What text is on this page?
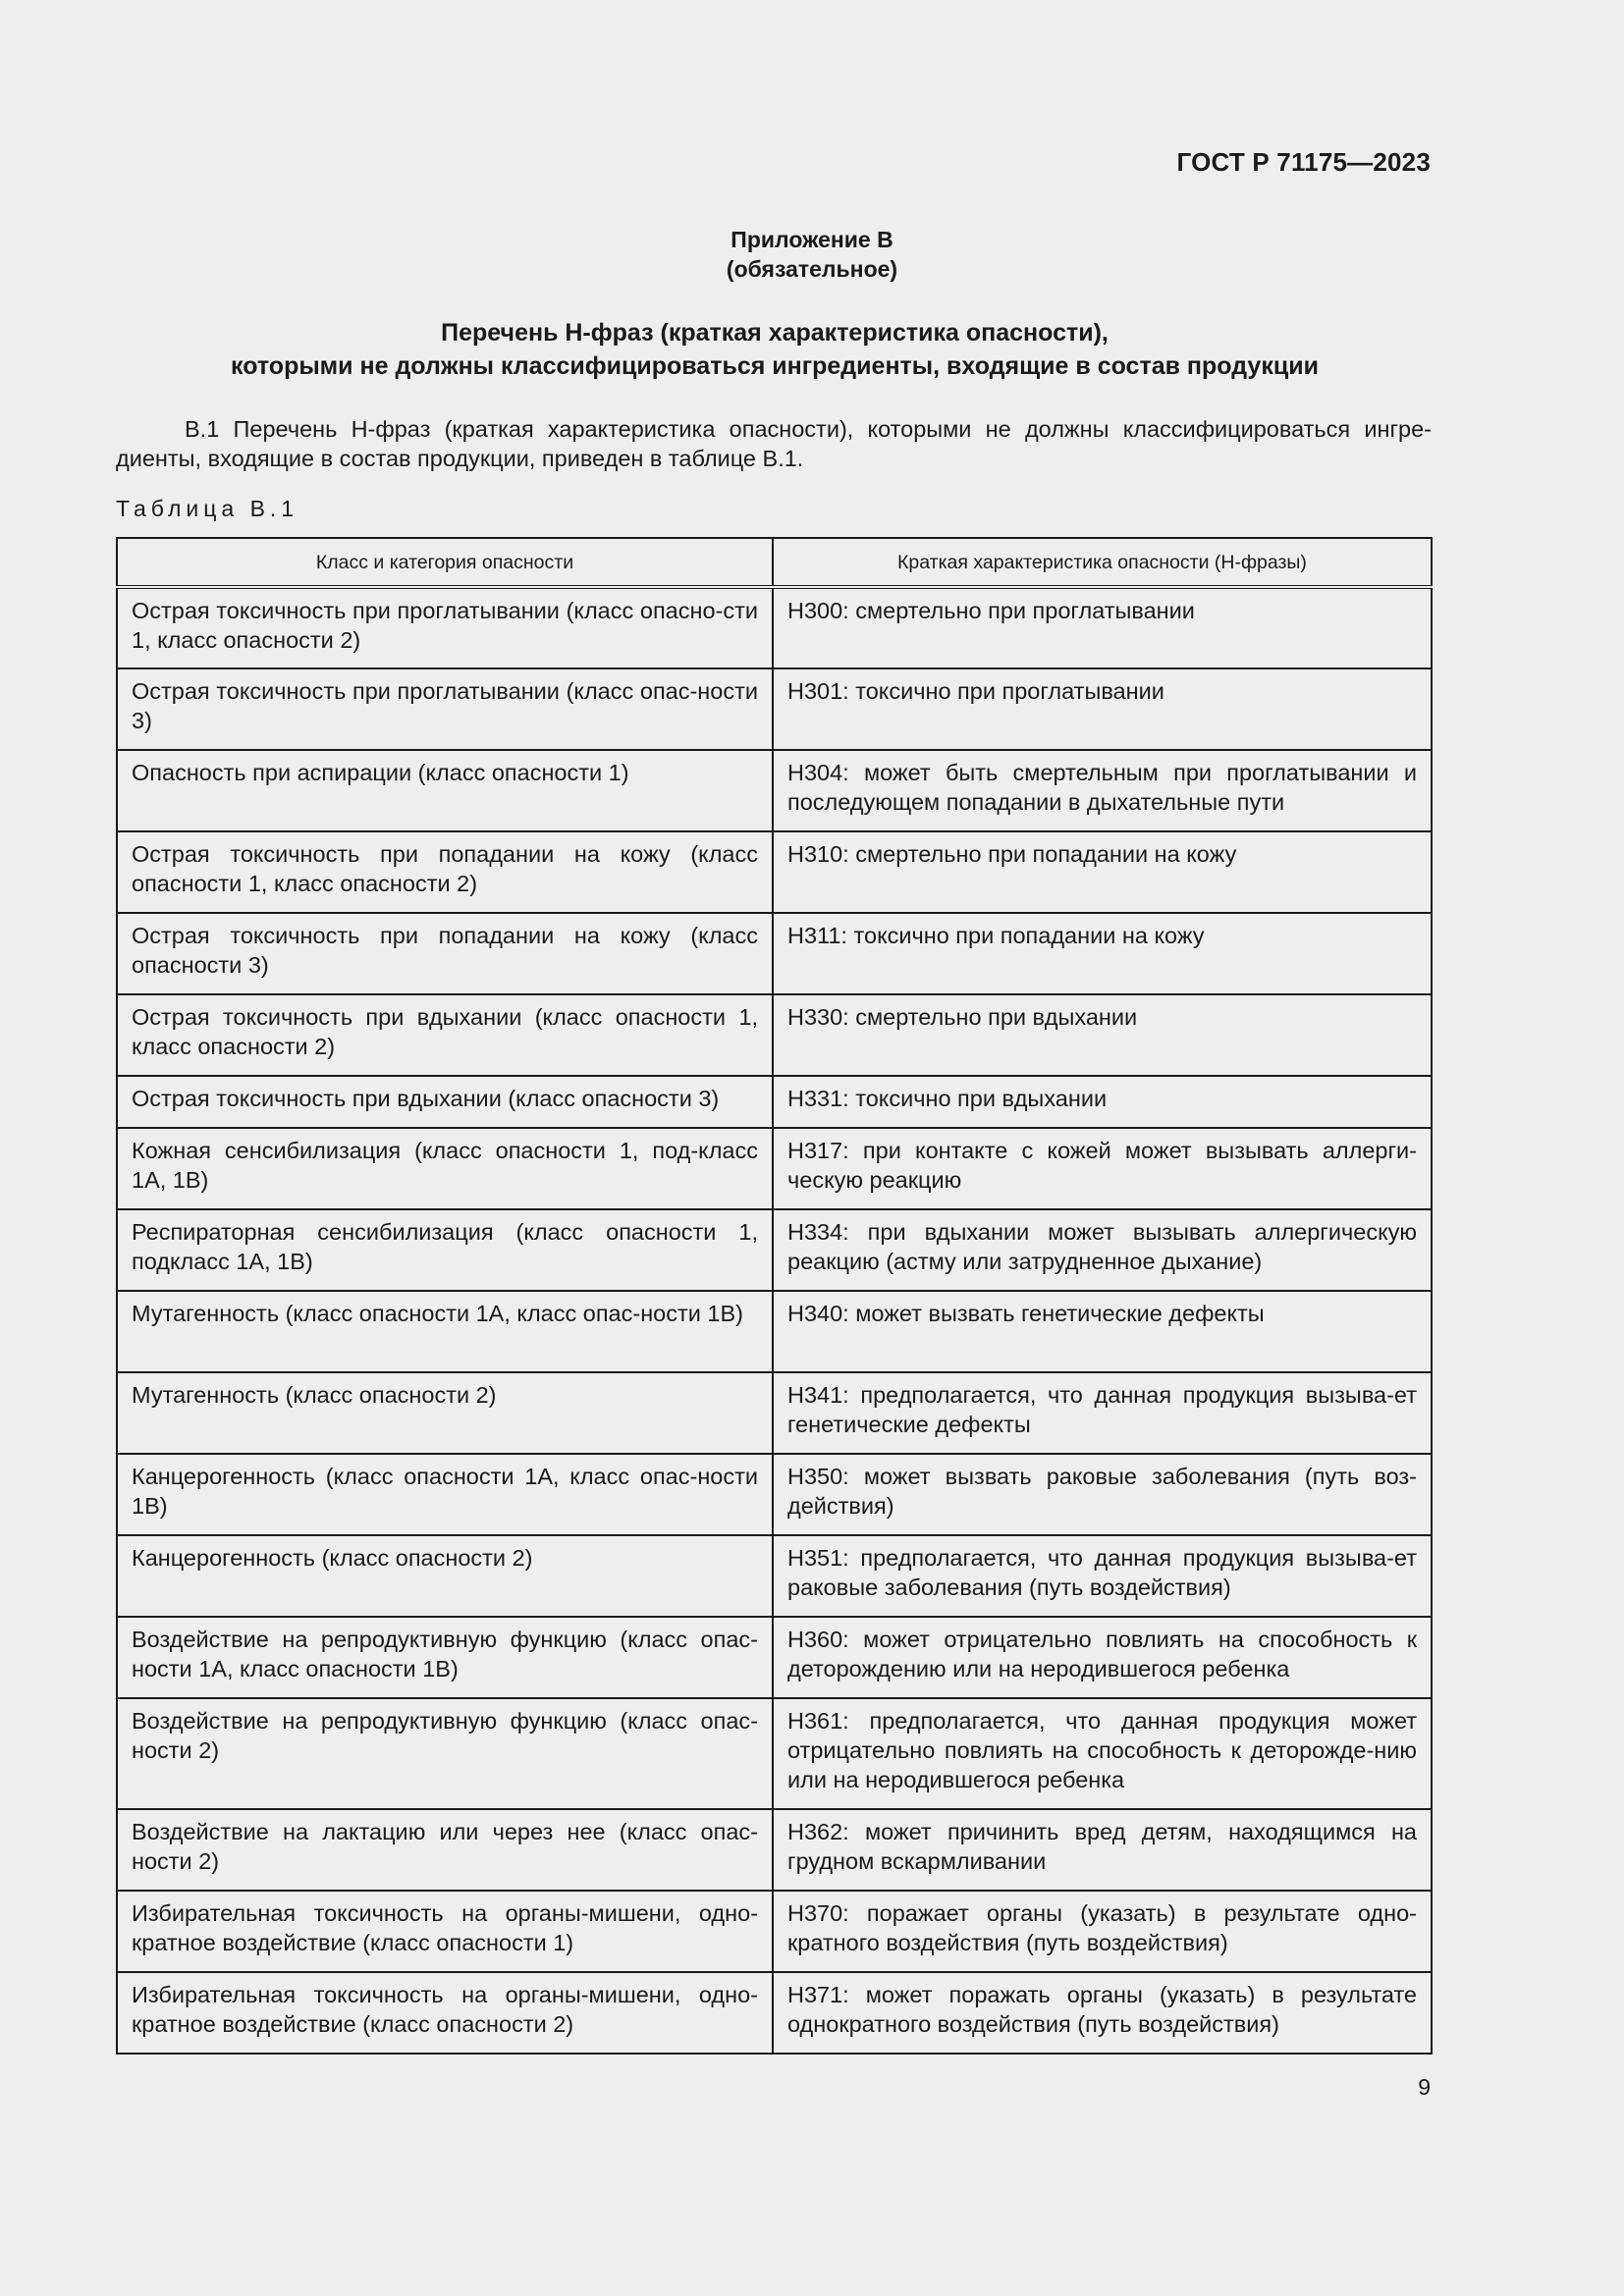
ГОСТ Р 71175—2023
Приложение В
(обязательное)
Перечень Н-фраз (краткая характеристика опасности),
которыми не должны классифицироваться ингредиенты, входящие в состав продукции
В.1 Перечень Н-фраз (краткая характеристика опасности), которыми не должны классифицироваться ингре-
диенты, входящие в состав продукции, приведен в таблице В.1.
Таблица В.1
Класс и категория опасности	Краткая характеристика опасности (Н-фразы)
Острая токсичность при проглатывании (класс опасно-сти 1, класс опасности 2)	H300: смертельно при проглатывании
Острая токсичность при проглатывании (класс опас-ности 3)	H301: токсично при проглатывании
Опасность при аспирации (класс опасности 1)	H304: может быть смертельным при проглатывании и последующем попадании в дыхательные пути
Острая токсичность при попадании на кожу (класс опасности 1, класс опасности 2)	H310: смертельно при попадании на кожу
Острая токсичность при попадании на кожу (класс опасности 3)	H311: токсично при попадании на кожу
Острая токсичность при вдыхании (класс опасности 1, класс опасности 2)	H330: смертельно при вдыхании
Острая токсичность при вдыхании (класс опасности 3)	H331: токсично при вдыхании
Кожная сенсибилизация (класс опасности 1, под-класс 1А, 1В)	H317: при контакте с кожей может вызывать аллерги-ческую реакцию
Респираторная сенсибилизация (класс опасности 1, подкласс 1А, 1В)	H334: при вдыхании может вызывать аллергическую реакцию (астму или затрудненное дыхание)
Мутагенность (класс опасности 1А, класс опас-ности 1В)	H340: может вызвать генетические дефекты
Мутагенность (класс опасности 2)	H341: предполагается, что данная продукция вызыва-ет генетические дефекты
Канцерогенность (класс опасности 1А, класс опас-ности 1В)	H350: может вызвать раковые заболевания (путь воз-действия)
Канцерогенность (класс опасности 2)	H351: предполагается, что данная продукция вызыва-ет раковые заболевания (путь воздействия)
Воздействие на репродуктивную функцию (класс опас-ности 1А, класс опасности 1В)	H360: может отрицательно повлиять на способность к деторождению или на неродившегося ребенка
Воздействие на репродуктивную функцию (класс опас-ности 2)	H361: предполагается, что данная продукция может отрицательно повлиять на способность к деторожде-нию или на неродившегося ребенка
Воздействие на лактацию или через нее (класс опас-ности 2)	H362: может причинить вред детям, находящимся на грудном вскармливании
Избирательная токсичность на органы-мишени, одно-кратное воздействие (класс опасности 1)	H370: поражает органы (указать) в результате одно-кратного воздействия (путь воздействия)
Избирательная токсичность на органы-мишени, одно-кратное воздействие (класс опасности 2)	H371: может поражать органы (указать) в результате однократного воздействия (путь воздействия)
9
